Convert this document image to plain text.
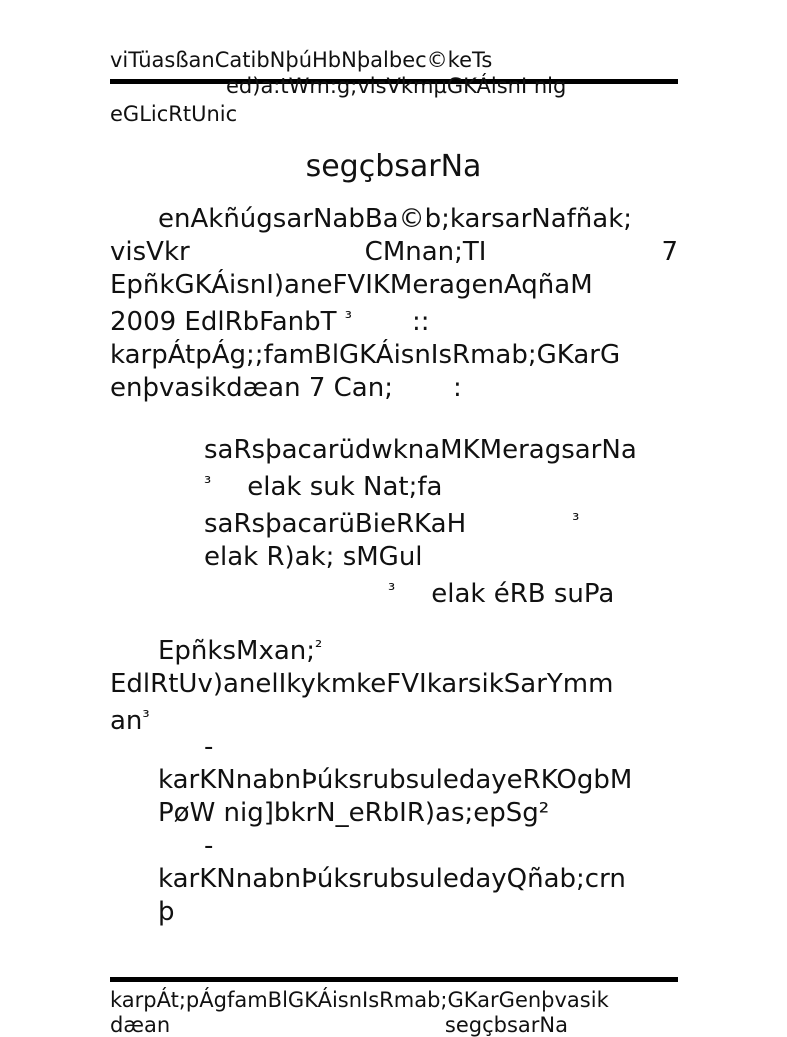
viTüasßanCatibNþúHbNþalbec©keTs
ed)a:tWm:g;visVkmµGKÁisnI nig
eGLicRtUnic
segçbsarNa
enAkñúgsarNabBa©b;karsarNafñak;
visVkr	CMnan;TI	7
EpñkGKÁisnI)aneFVIKMeragenAqñaM
2009 EdlRbFanbT $^{^3}$ ::
karpÁtpÁg;;famBlGKÁisnIsRmab;GKarG
enþvasikdæan 7 Can; :
saRsþacarüdwknaMKMeragsarNa
$^{^3}$ elak suk Nat;fa
saRsþacarüBieRKaH	$^{^3}$
elak R)ak; sMGul
$^{^3}$ elak éRB suPa
EpñksMxan;$^{^2}$
EdlRtUv)anelIkykmkeFVIkarsikSarYmm
$an^{^3}$
-
karKNnabnÞúksrubsuledayeRKOgbM
PøW nig]bkrN_eRbIR)as;epSg²
-
karKNnabnÞúksrubsuledayQñab;crn
þ
karpÁt;pÁgfamBlGKÁisnIsRmab;GKarGenþvasik
dæan	segçbsarNa
